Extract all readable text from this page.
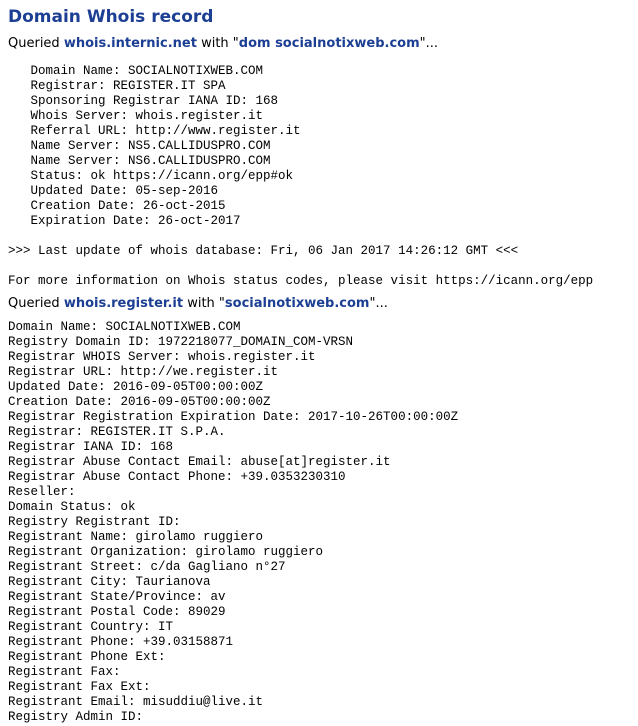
Domain Whois record
Queried whois.internic.net with "dom socialnotixweb.com"...
Domain Name: SOCIALNOTIXWEB.COM
Registrar: REGISTER.IT SPA
Sponsoring Registrar IANA ID: 168
Whois Server: whois.register.it
Referral URL: http://www.register.it
Name Server: NS5.CALLIDUSPRO.COM
Name Server: NS6.CALLIDUSPRO.COM
Status: ok https://icann.org/epp#ok
Updated Date: 05-sep-2016
Creation Date: 26-oct-2015
Expiration Date: 26-oct-2017
>>> Last update of whois database: Fri, 06 Jan 2017 14:26:12 GMT <<<
For more information on Whois status codes, please visit https://icann.org/epp
Queried whois.register.it with "socialnotixweb.com"...
Domain Name: SOCIALNOTIXWEB.COM
Registry Domain ID: 1972218077_DOMAIN_COM-VRSN
Registrar WHOIS Server: whois.register.it
Registrar URL: http://we.register.it
Updated Date: 2016-09-05T00:00:00Z
Creation Date: 2016-09-05T00:00:00Z
Registrar Registration Expiration Date: 2017-10-26T00:00:00Z
Registrar: REGISTER.IT S.P.A.
Registrar IANA ID: 168
Registrar Abuse Contact Email: abuse[at]register.it
Registrar Abuse Contact Phone: +39.0353230310
Reseller:
Domain Status: ok
Registry Registrant ID:
Registrant Name: girolamo ruggiero
Registrant Organization: girolamo ruggiero
Registrant Street: c/da Gagliano n°27
Registrant City: Taurianova
Registrant State/Province: av
Registrant Postal Code: 89029
Registrant Country: IT
Registrant Phone: +39.03158871
Registrant Phone Ext:
Registrant Fax:
Registrant Fax Ext:
Registrant Email: misuddiu@live.it
Registry Admin ID:
